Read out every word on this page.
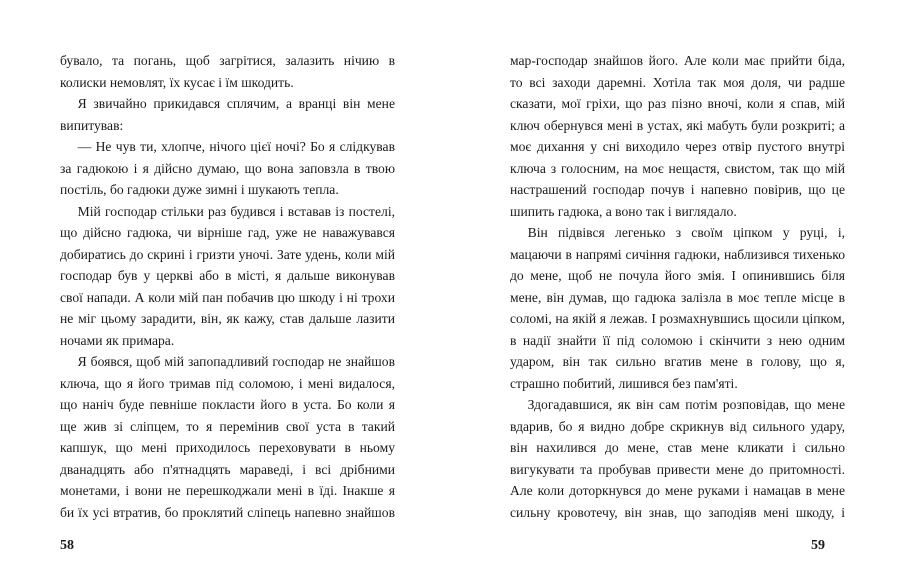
бувало, та погань, щоб загрітися, залазить нічию в колиски немовлят, їх кусає і їм шкодить.

Я звичайно прикидався сплячим, а вранці він мене випитував:

— Не чув ти, хлопче, нічого цієї ночі? Бо я слідкував за гадюкою і я дійсно думаю, що вона заповзла в твою постіль, бо гадюки дуже зимні і шукають тепла.

Мій господар стільки раз будився і вставав із постелі, що дійсно гадюка, чи вірніше гад, уже не наважувався добиратись до скрині і гризти уночі. Зате удень, коли мій господар був у церкві або в місті, я дальше виконував свої напади. А коли мій пан побачив цю шкоду і ні трохи не міг цьому зарадити, він, як кажу, став дальше лазити ночами як примара.

Я боявся, щоб мій запопадливий господар не знайшов ключа, що я його тримав під соломою, і мені видалося, що наніч буде певніше покласти його в уста. Бо коли я ще жив зі сліпцем, то я перемінив свої уста в такий капшук, що мені приходилось переховувати в ньому дванадцять або п'ятнадцять мараведі, і всі дрібними монетами, і вони не перешкоджали мені в їді. Інакше я би їх усі втратив, бо проклятий сліпець напевно знайшов

58

мар-господар знайшов його. Але коли має прийти біда, то всі заходи даремні. Хотіла так моя доля, чи радше сказати, мої гріхи, що раз пізно вночі, коли я спав, мій ключ обернувся мені в устах, які мабуть були розкриті; а моє дихання у сні виходило через отвір пустого внутрі ключа з голосним, на моє нещастя, свистом, так що мій настрашений господар почув і напевно повірив, що це шипить гадюка, а воно так і виглядало.

Він підвівся легенько з своїм ціпком у руці, і, мацаючи в напрямі сичіння гадюки, наблизився тихенько до мене, щоб не почула його змія. І опинившись біля мене, він думав, що гадюка залізла в моє тепле місце в соломі, на якій я лежав. І розмахнувшись щосили ціпком, в надії знайти її під соломою і скінчити з нею одним ударом, він так сильно вгатив мене в голову, що я, страшно побитий, лишився без пам'яті.

Здогадавшися, як він сам потім розповідав, що мене вдарив, бо я видно добре скрикнув від сильного удару, він нахилився до мене, став мене кликати і сильно вигукувати та пробував привести мене до притомності. Але коли доторкнувся до мене руками і намацав в мене сильну кровотечу, він знав, що заподіяв мені шкоду, і

59
